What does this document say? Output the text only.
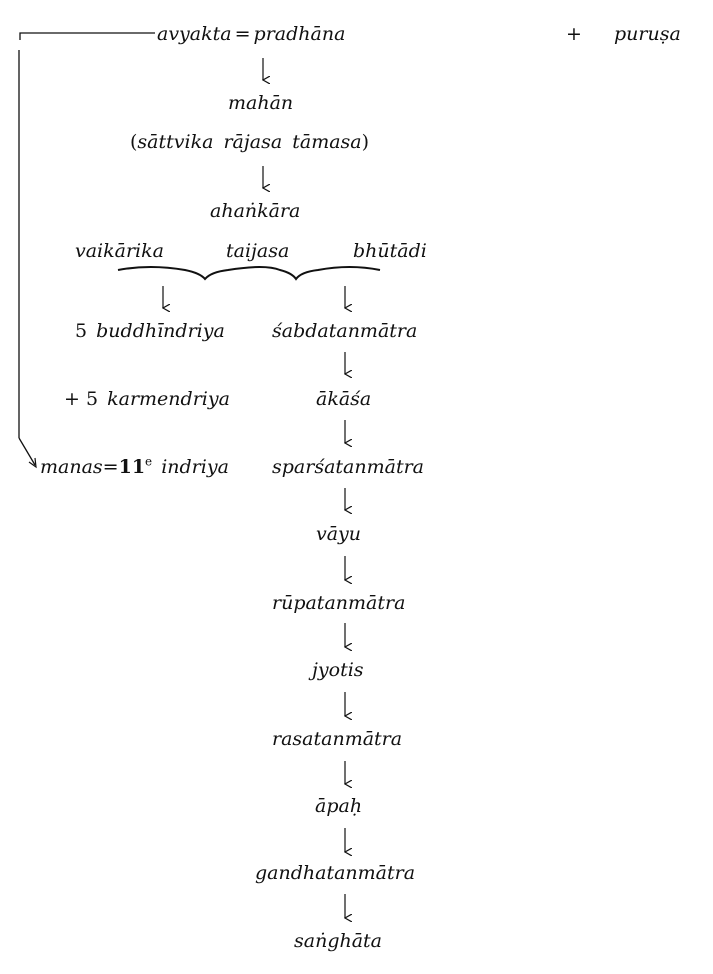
avyakta = pradhāna	+ puruṣa
mahān
(sāttvika rājasa tāmasa)
ahaṅkāra
vaikārika	taijasa	bhūtādi
5 buddhīndriya
+ 5 karmendriya
$manas=11^e$ indriya
śabdatanmātra
ākāśa
sparśatanmātra
vāyu
rūpatanmātra
jyotis
rasatanmātra
āpaḥ
gandhatanmātra
saṅghāta
